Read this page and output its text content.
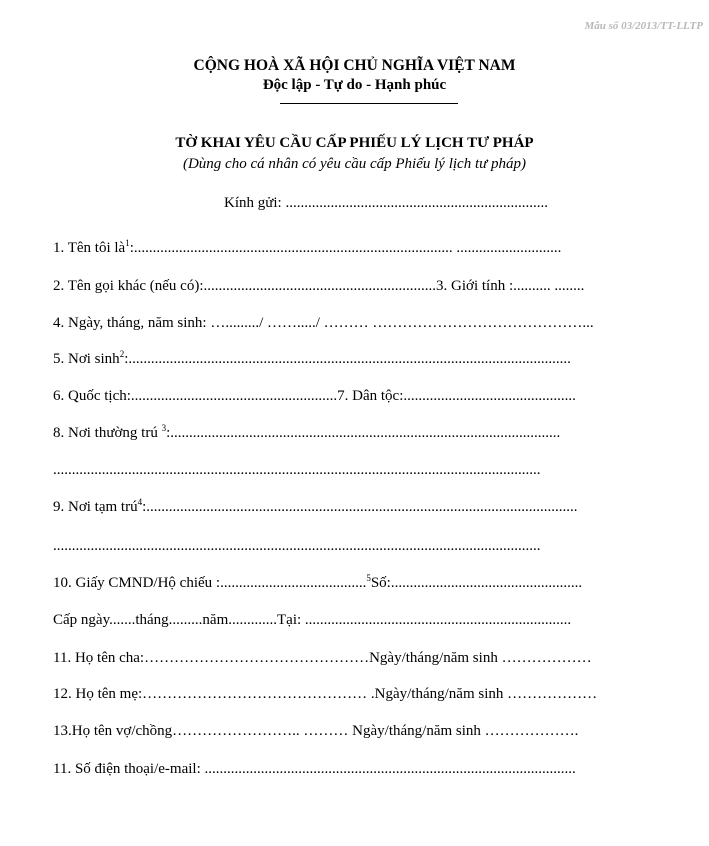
Mẫu số 03/2013/TT-LLTP
CỘNG HOÀ XÃ HỘI CHỦ NGHĨA VIỆT NAM
Độc lập - Tự do - Hạnh phúc
TỜ KHAI YÊU CẦU CẤP PHIẾU LÝ LỊCH TƯ PHÁP
(Dùng cho cá nhân có yêu cầu cấp Phiếu lý lịch tư pháp)
Kính gửi: ......................................................................
1. Tên tôi $là^1$:..................................................................................... ............................
2. Tên gọi khác (nếu có):..............................................................3. Giới tính :.......... ........
4. Ngày, tháng, năm sinh: …........./ ……...../ ……… ……………………………………...
5. Nơi $\sinh^2$:......................................................................................................................
6. Quốc tịch:.......................................................7. Dân tộc:..............................................
8. Nơi thường trú $^3$:........................................................................................................
..................................................................................................................................
9. Nơi tạm trú$^4$:...................................................................................................................
..................................................................................................................................
10. Giấy CMND/Hộ chiếu :.......................................$^5$Số:...................................................
Cấp ngày.......tháng.........năm.............Tại: .......................................................................
11. Họ tên cha:………………………………………Ngày/tháng/năm sinh ………………
12. Họ tên mẹ:……………………………………… .Ngày/tháng/năm sinh ………………
13.Họ tên vợ/chồng…………………….. ……… Ngày/tháng/năm sinh ……………….
11. Số điện thoại/e-mail: ...................................................................................................
